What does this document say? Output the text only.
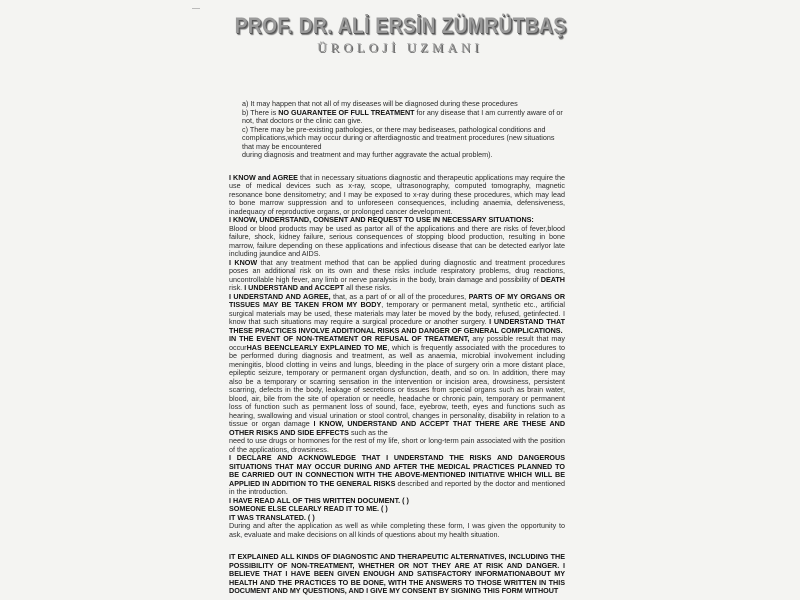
PROF. DR. ALİ ERSİN ZÜMRÜTBAŞ
ÜROLOJİ UZMANI

a) It may happen that not all of my diseases will be diagnosed during these procedures

b) There is NO GUARANTEE OF FULL TREATMENT for any disease that I am currently aware of or not, that doctors or the clinic can give.

c) There may be pre-existing pathologies, or there may bediseases, pathological conditions and complications,which may occur during or afterdiagnostic and treatment procedures (new situations that may be encountered

during diagnosis and treatment and may further aggravate the actual problem).

I KNOW and AGREE that in necessary situations diagnostic and therapeutic applications may require the use of medical devices such as x-ray, scope, ultrasonography, computed tomography, magnetic resonance bone densitometry; and I may be exposed to x-ray during these procedures, which may lead to bone marrow suppression and to unforeseen consequences, including anaemia, defensiveness, inadequacy of reproductive organs, or prolonged cancer development.

I KNOW, UNDERSTAND, CONSENT AND REQUEST TO USE IN NECESSARY SITUATIONS:

Blood or blood products may be used as partor all of the applications and there are risks of fever,blood failure, shock, kidney failure, serious consequences of stopping blood production, resulting in bone marrow, failure depending on these applications and infectious disease that can be detected earlyor late including jaundice and AIDS.

I KNOW that any treatment method that can be applied during diagnostic and treatment procedures poses an additional risk on its own and these risks include respiratory problems, drug reactions, uncontrollable high fever, any limb or nerve paralysis in the body, brain damage and possibility of DEATH risk. I UNDERSTAND and ACCEPT all these risks.

I UNDERSTAND AND AGREE, that, as a part of or all of the procedures, PARTS OF MY ORGANS OR TISSUES MAY BE TAKEN FROM MY BODY, temporary or permanent metal, synthetic etc., artificial surgical materials may be used, these materials may later be moved by the body, refused, getinfected. I know that such situations may require a surgical procedure or another surgery. I UNDERSTAND THAT THESE PRACTICES INVOLVE ADDITIONAL RISKS AND DANGER OF GENERAL COMPLICATIONS.

IN THE EVENT OF NON-TREATMENT OR REFUSAL OF TREATMENT, any possible result that may occurHAS BEENCLEARLY EXPLAINED TO ME, which is frequently associated with the procedures to be performed during diagnosis and treatment, as well as anaemia, microbial involvement including meningitis, blood clotting in veins and lungs, bleeding in the place of surgery orin a more distant place, epileptic seizure, temporary or permanent organ dysfunction, death, and so on. In addition, there may also be a temporary or scarring sensation in the intervention or incision area, drowsiness, persistent scarring, defects in the body, leakage of secretions or tissues from special organs such as brain water, blood, air, bile from the site of operation or needle, headache or chronic pain, temporary or permanent loss of function such as permanent loss of sound, face, eyebrow, teeth, eyes and functions such as hearing, swallowing and visual urination or stool control, changes in personality, disability in relation to a tissue or organ damage I KNOW, UNDERSTAND AND ACCEPT THAT THERE ARE THESE AND OTHER RISKS AND SIDE EFFECTS such as the

need to use drugs or hormones for the rest of my life, short or long-term pain associated with the position of the applications, drowsiness.

I DECLARE AND ACKNOWLEDGE THAT I UNDERSTAND THE RISKS AND DANGEROUS SITUATIONS THAT MAY OCCUR DURING AND AFTER THE MEDICAL PRACTICES PLANNED TO BE CARRIED OUT IN CONNECTION WITH THE ABOVE-MENTIONED INITIATIVE WHICH WILL BE APPLIED IN ADDITION TO THE GENERAL RISKS described and reported by the doctor and mentioned in the introduction.

I HAVE READ ALL OF THIS WRITTEN DOCUMENT. ( )

SOMEONE ELSE CLEARLY READ IT TO ME. ( )

IT WAS TRANSLATED. ( )

During and after the application as well as while completing these form, I was given the opportunity to ask, evaluate and make decisions on all kinds of questions about my health situation.

IT EXPLAINED ALL KINDS OF DIAGNOSTIC AND THERAPEUTIC ALTERNATIVES, INCLUDING THE POSSIBILITY OF NON-TREATMENT, WHETHER OR NOT THEY ARE AT RISK AND DANGER. I BELIEVE THAT I HAVE BEEN GIVEN ENOUGH AND SATISFACTORY INFORMATIONABOUT MY HEALTH AND THE PRACTICES TO BE DONE, WITH THE ANSWERS TO THOSE WRITTEN IN THIS DOCUMENT AND MY QUESTIONS, AND I GIVE MY CONSENT BY SIGNING THIS FORM WITHOUT
